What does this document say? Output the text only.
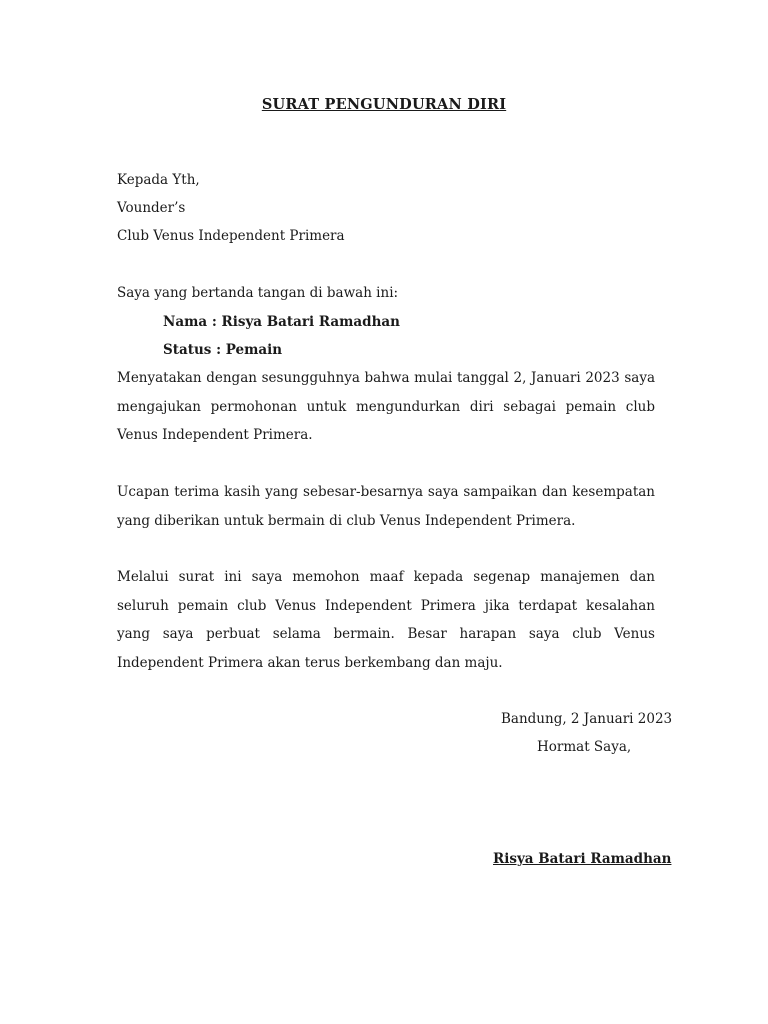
SURAT PENGUNDURAN DIRI
Kepada Yth,
Vounder’s
Club Venus Independent Primera
Saya yang bertanda tangan di bawah ini:
Nama : Risya Batari Ramadhan
Status : Pemain
Menyatakan dengan sesungguhnya bahwa mulai tanggal 2, Januari 2023 saya mengajukan permohonan untuk mengundurkan diri sebagai pemain club Venus Independent Primera.
Ucapan terima kasih yang sebesar-besarnya saya sampaikan dan kesempatan yang diberikan untuk bermain di club Venus Independent Primera.
Melalui surat ini saya memohon maaf kepada segenap manajemen dan seluruh pemain club Venus Independent Primera jika terdapat kesalahan yang saya perbuat selama bermain. Besar harapan saya club Venus Independent Primera akan terus berkembang dan maju.
Bandung, 2 Januari 2023
Hormat Saya,
Risya Batari Ramadhan
